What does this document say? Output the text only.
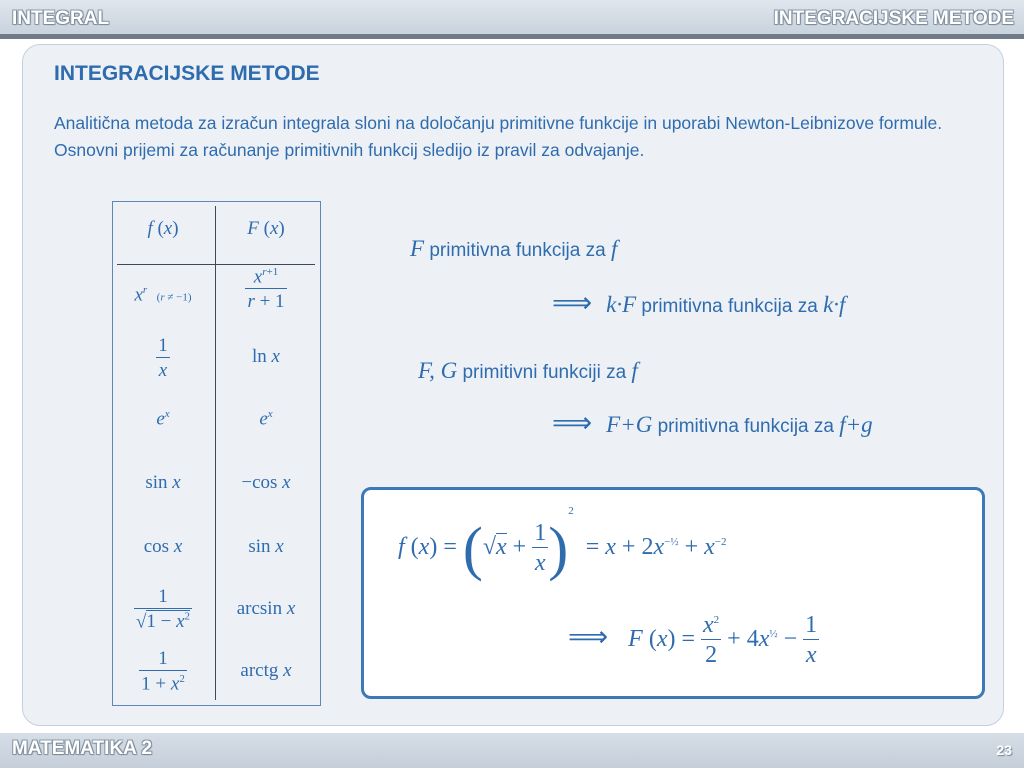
INTEGRAL	INTEGRACIJSKE METODE
INTEGRACIJSKE METODE
Analitična metoda za izračun integrala sloni na določanju primitivne funkcije in uporabi Newton-Leibnizove formule. Osnovni prijemi za računanje primitivnih funkcij sledijo iz pravil za odvajanje.
f (x)	F (x)
$x^r$  (r ≠ −1)	$\frac{x^{r+1}}{r + 1}$
$\frac{1}{x}$	ln x
$e^x$	$e^x$
sin x	−cos x
cos x	sin x
$\frac{1}{√1 - x^2}$	arcsin x
$\frac{1}{1 + x^2}$	arctg x
F primitivna funkcija za f
⟹ k·F primitivna funkcija za k·f
F, G primitivni funkciji za f
⟹ F+G primitivna funkcija za f+g
f $(x) = (√x + \frac{1}{x} )^2 = x + 2x^{-\frac{1}{2}} + x^{-2}$
⟹ F $(x) = \frac{x^2}{2} + 4x^{\frac{1}{2}} - \frac{1}{x}$
MATEMATIKA 2	23
